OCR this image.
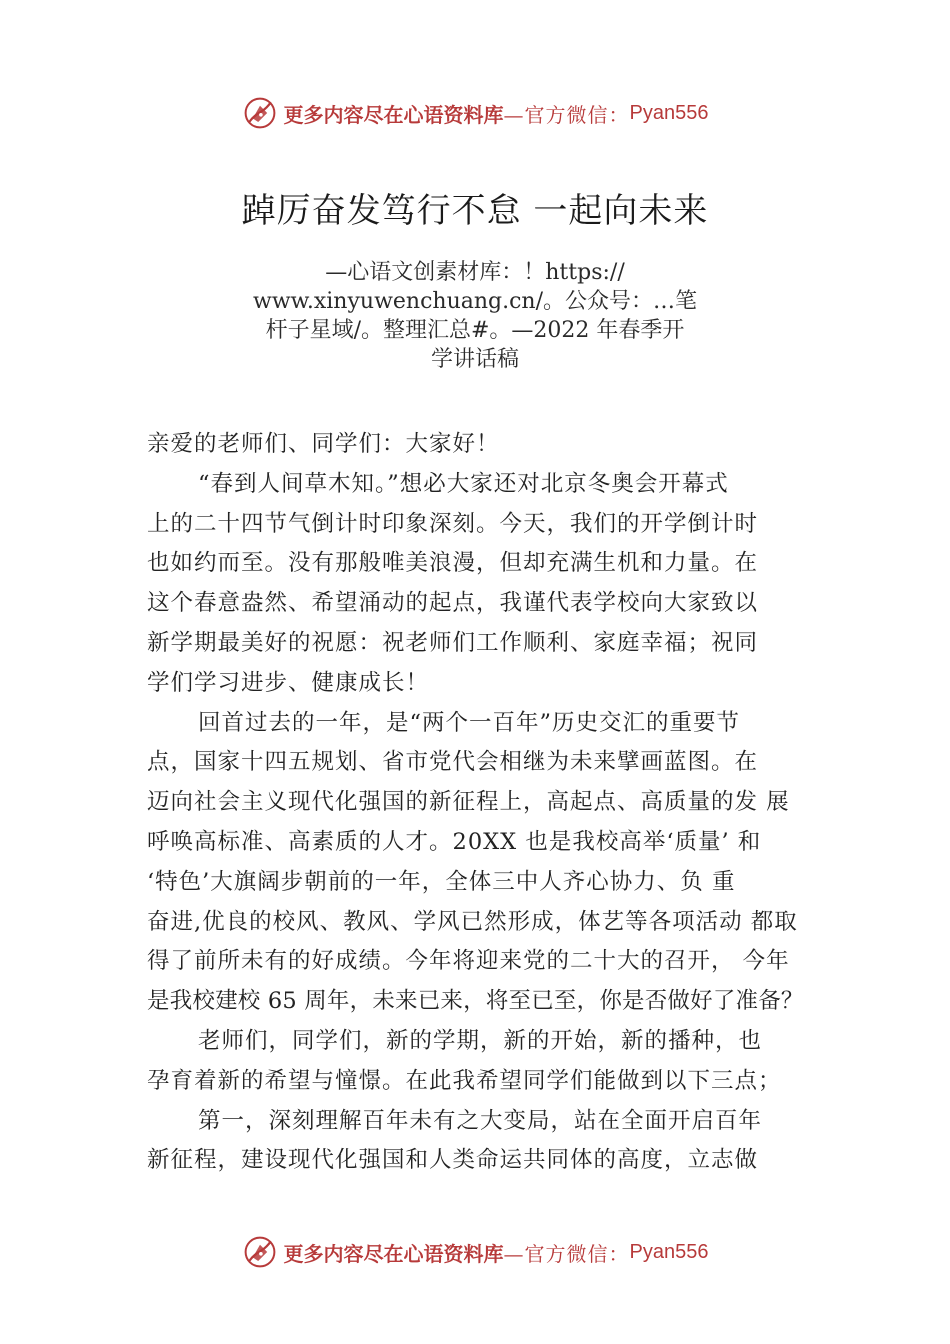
更多内容尽在心语资料库 —官方微信： Pyan556
踔厉奋发笃行不怠 一起向未来
—心语文创素材库：！https://
www.xinyuwenchuang.cn/。公众号：…笔
杆子星域/。整理汇总#。—2022 年春季开
学讲话稿
亲爱的老师们、同学们：大家好！
“春到人间草木知。”想必大家还对北京冬奥会开幕式
上的二十四节气倒计时印象深刻。今天，我们的开学倒计时
也如约而至。没有那般唯美浪漫，但却充满生机和力量。在
这个春意盎然、希望涌动的起点，我谨代表学校向大家致以
新学期最美好的祝愿：祝老师们工作顺利、家庭幸福；祝同
学们学习进步、健康成长！
回首过去的一年，是“两个一百年”历史交汇的重要节
点，国家十四五规划、省市党代会相继为未来擘画蓝图。在
迈向社会主义现代化强国的新征程上，高起点、高质量的发 展
呼唤高标准、高素质的人才。20XX 也是我校高举‘质量’ 和
‘特色’大旗阔步朝前的一年，全体三中人齐心协力、负 重
奋进,优良的校风、教风、学风已然形成，体艺等各项活动 都取
得了前所未有的好成绩。今年将迎来党的二十大的召开， 今年
是我校建校 65 周年，未来已来，将至已至，你是否做好了准备？
老师们，同学们，新的学期，新的开始，新的播种，也
孕育着新的希望与憧憬。在此我希望同学们能做到以下三点；
第一，深刻理解百年未有之大变局，站在全面开启百年
新征程，建设现代化强国和人类命运共同体的高度，立志做
更多内容尽在心语资料库 —官方微信： Pyan556
